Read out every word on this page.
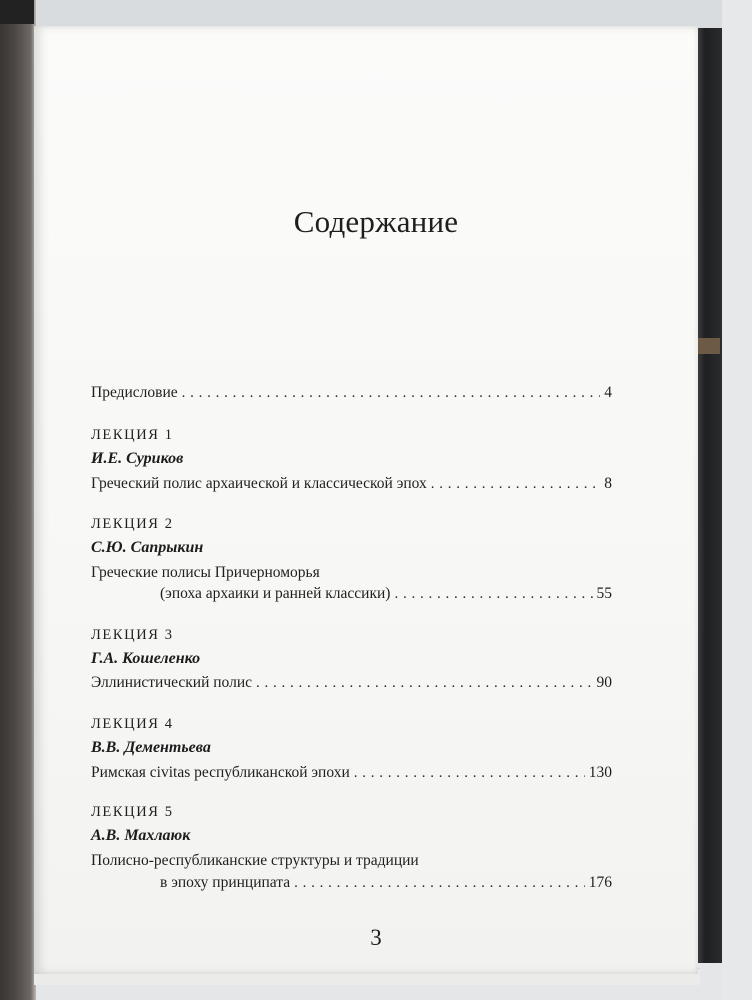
Содержание
Предисловие . . .	4
ЛЕКЦИЯ 1
И.Е. Суриков
Греческий полис архаической и классической эпох . . .	8
ЛЕКЦИЯ 2
С.Ю. Сапрыкин
Греческие полисы Причерноморья
(эпоха архаики и ранней классики) . . .	55
ЛЕКЦИЯ 3
Г.А. Кошеленко
Эллинистический полис . . .	90
ЛЕКЦИЯ 4
В.В. Дементьева
Римская civitas республиканской эпохи . . .	130
ЛЕКЦИЯ 5
А.В. Махлаюк
Полисно-республиканские структуры и традиции
в эпоху принципата . . .	176
3
